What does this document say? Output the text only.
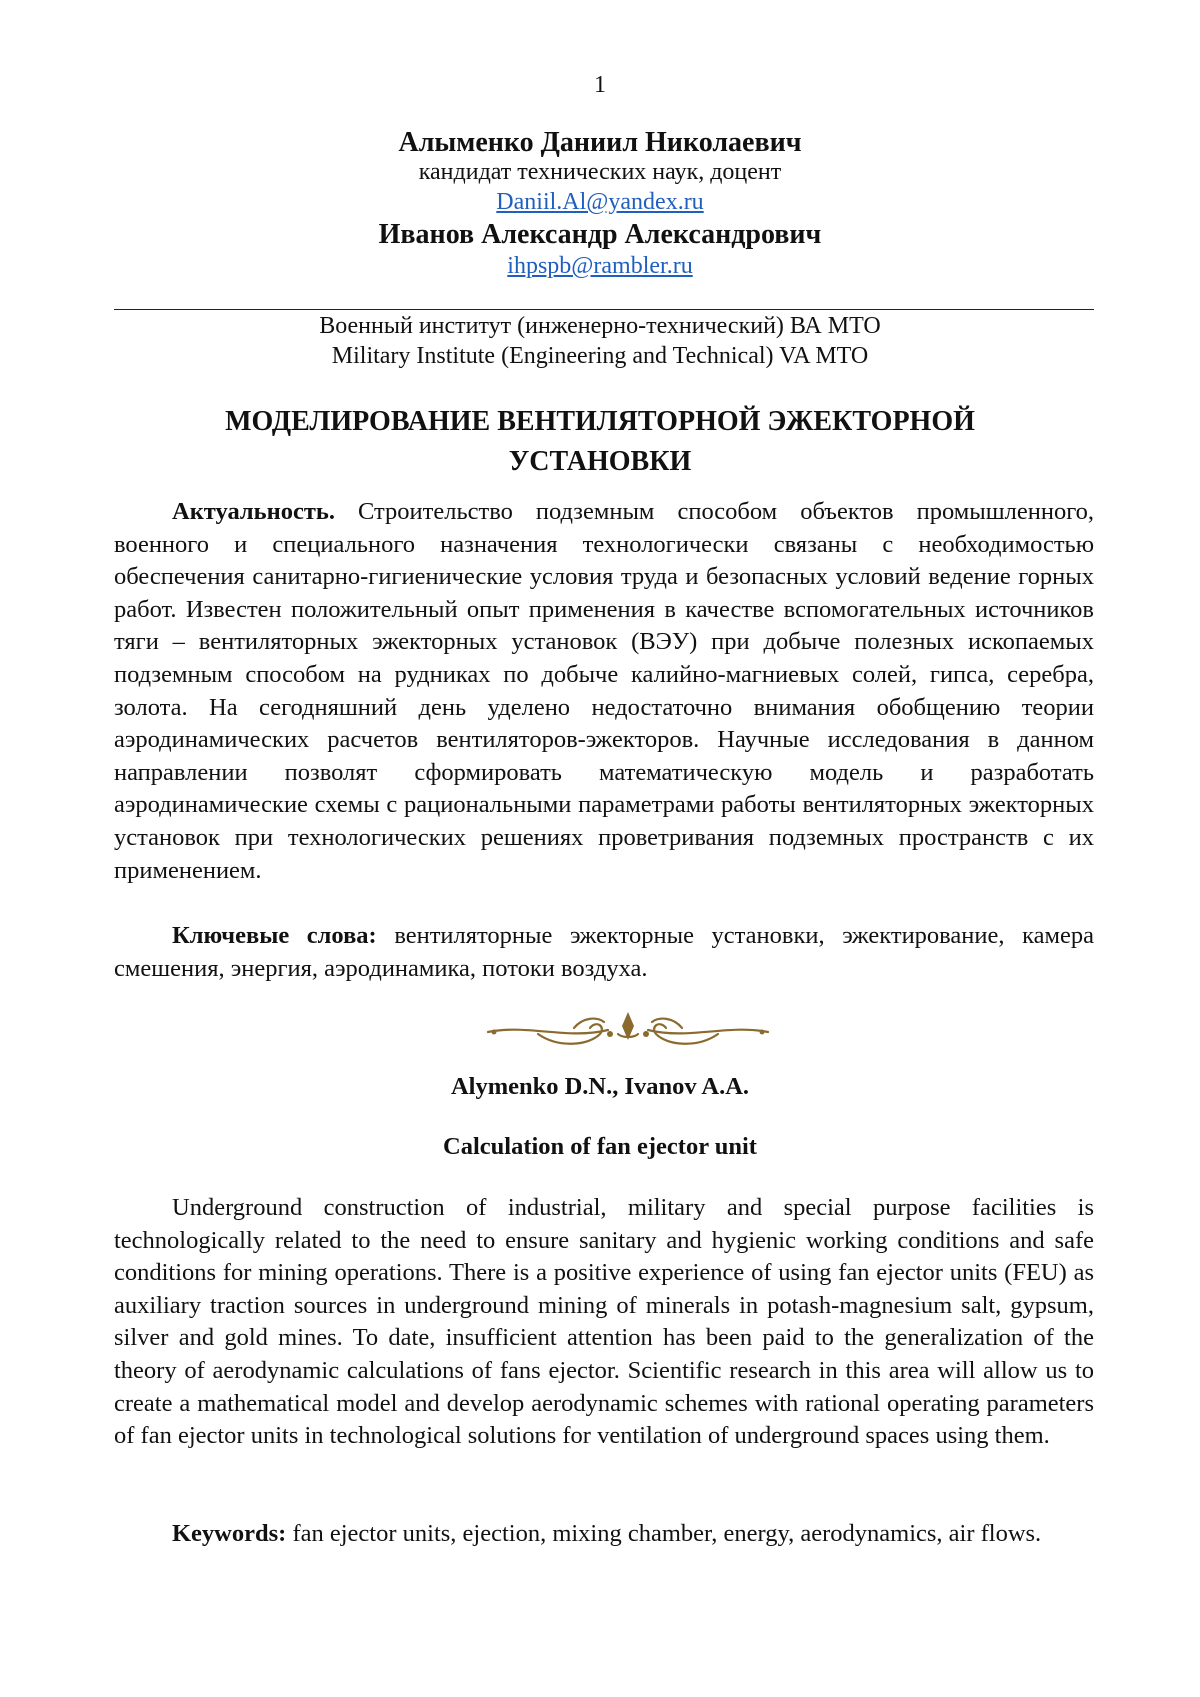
1
Алыменко Даниил Николаевич
кандидат технических наук, доцент
Daniil.Al@yandex.ru
Иванов Александр Александрович
ihpspb@rambler.ru
Военный институт (инженерно-технический) ВА МТО
Military Institute (Engineering and Technical) VA MTO
МОДЕЛИРОВАНИЕ ВЕНТИЛЯТОРНОЙ ЭЖЕКТОРНОЙ
УСТАНОВКИ

Актуальность. Строительство подземным способом объектов промышленного, военного и специального назначения технологически связаны с необходимостью обеспечения санитарно-гигиенические условия труда и безопасных условий ведение горных работ. Известен положительный опыт применения в качестве вспомогательных источников тяги – вентиляторных эжекторных установок (ВЭУ) при добыче полезных ископаемых подземным способом на рудниках по добыче калийно-магниевых солей, гипса, серебра, золота. На сегодняшний день уделено недостаточно внимания обобщению теории аэродинамических расчетов вентиляторов-эжекторов. Научные исследования в данном направлении позволят сформировать математическую модель и разработать аэродинамические схемы с рациональными параметрами работы вентиляторных эжекторных установок при технологических решениях проветривания подземных пространств с их применением.

Ключевые слова: вентиляторные эжекторные установки, эжектирование, камера смешения, энергия, аэродинамика, потоки воздуха.

Alymenko D.N., Ivanov A.A.
Calculation of fan ejector unit

Underground construction of industrial, military and special purpose facilities is technologically related to the need to ensure sanitary and hygienic working conditions and safe conditions for mining operations. There is a positive experience of using fan ejector units (FEU) as auxiliary traction sources in underground mining of minerals in potash-magnesium salt, gypsum, silver and gold mines. To date, insufficient attention has been paid to the generalization of the theory of aerodynamic calculations of fans ejector. Scientific research in this area will allow us to create a mathematical model and develop aerodynamic schemes with rational operating parameters of fan ejector units in technological solutions for ventilation of underground spaces using them.

Keywords: fan ejector units, ejection, mixing chamber, energy, aerodynamics, air flows.
